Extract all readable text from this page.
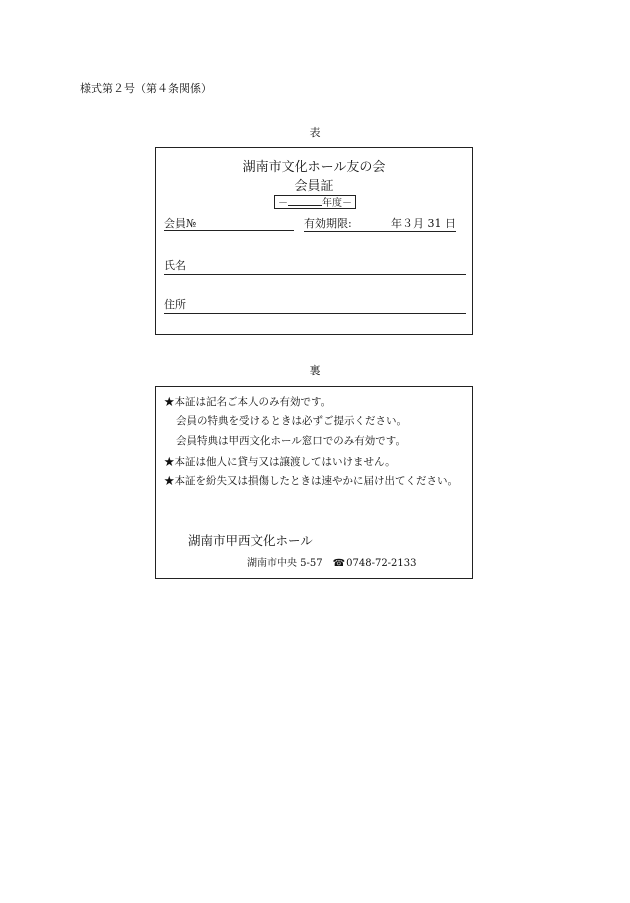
様式第２号（第４条関係）
表
湖南市文化ホール友の会
会員証
－	年度－
会員№	有効期限:	年３月 31 日
氏名
住所
裏
★本証は記名ご本人のみ有効です。
会員の特典を受けるときは必ずご提示ください。
会員特典は甲西文化ホール窓口でのみ有効です。
★本証は他人に貸与又は譲渡してはいけません。
★本証を紛失又は損傷したときは速やかに届け出てください。
湖南市甲西文化ホール
湖南市中央 5-57 ☎0748-72-2133
